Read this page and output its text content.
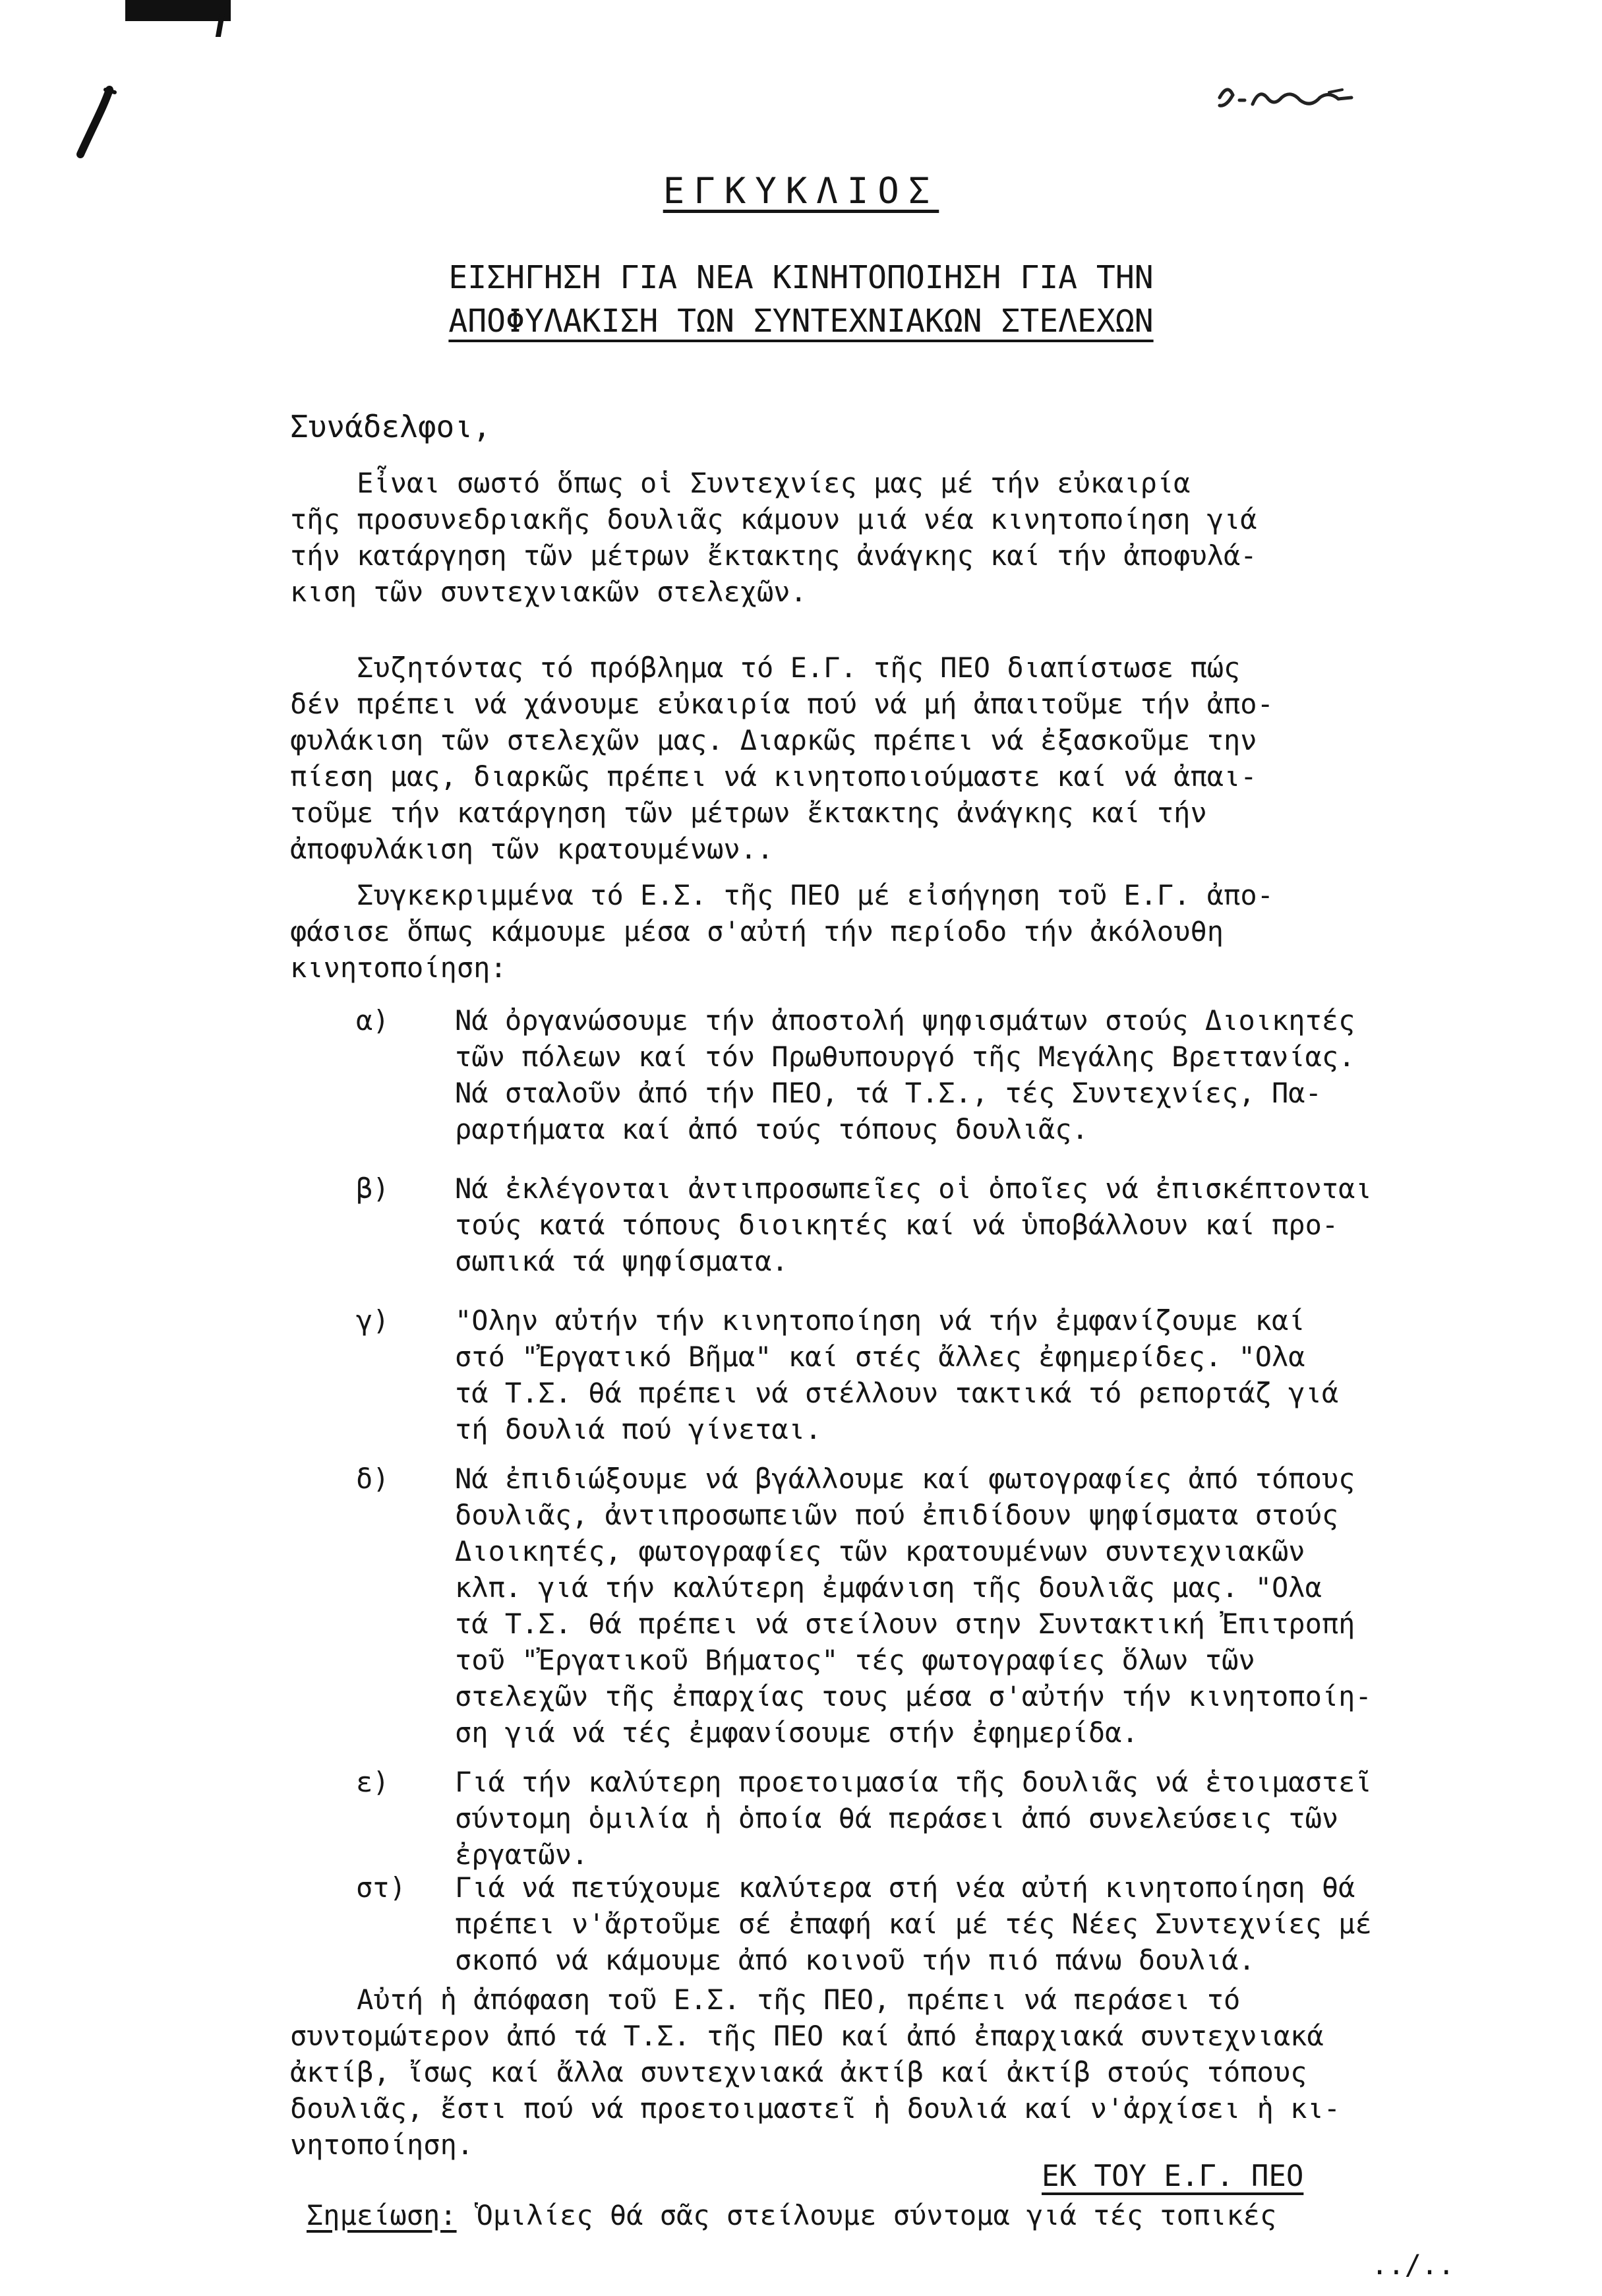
ΕΓΚΥΚΛΙΟΣ
ΕΙΣΗΓΗΣΗ ΓΙΑ ΝΕΑ ΚΙΝΗΤΟΠΟΙΗΣΗ ΓΙΑ ΤΗΝ
ΑΠΟΦΥΛΑΚΙΣΗ ΤΩΝ ΣΥΝΤΕΧΝΙΑΚΩΝ ΣΤΕΛΕΧΩΝ
Συνάδελφοι,

Εἶναι σωστό ὅπως οἱ Συντεχνίες μας μέ τήν εὐκαιρία
τῆς προσυνεδριακῆς δουλιᾶς κάμουν μιά νέα κινητοποίηση γιά
τήν κατάργηση τῶν μέτρων ἔκτακτης ἀνάγκης καί τήν ἀποφυλά-
κιση τῶν συντεχνιακῶν στελεχῶν.

Συζητόντας τό πρόβλημα τό Ε.Γ. τῆς ΠΕΟ διαπίστωσε πώς
δέν πρέπει νά χάνουμε εὐκαιρία πού νά μή ἀπαιτοῦμε τήν ἀπο-
φυλάκιση τῶν στελεχῶν μας. Διαρκῶς πρέπει νά ἐξασκοῦμε την
πίεση μας, διαρκῶς πρέπει νά κινητοποιούμαστε καί νά ἀπαι-
τοῦμε τήν κατάργηση τῶν μέτρων ἔκτακτης ἀνάγκης καί τήν
ἀποφυλάκιση τῶν κρατουμένων..

Συγκεκριμμένα τό Ε.Σ. τῆς ΠΕΟ μέ εἰσήγηση τοῦ Ε.Γ. ἀπο-
φάσισε ὅπως κάμουμε μέσα σ'αὐτή τήν περίοδο τήν ἀκόλουθη
κινητοποίηση:

α)	Νά ὀργανώσουμε τήν ἀποστολή ψηφισμάτων στούς Διοικητές
τῶν πόλεων καί τόν Πρωθυπουργό τῆς Μεγάλης Βρεττανίας.
Νά σταλοῦν ἀπό τήν ΠΕΟ, τά Τ.Σ., τές Συντεχνίες, Πα-
ραρτήματα καί ἀπό τούς τόπους δουλιᾶς.

β)	Νά ἐκλέγονται ἀντιπροσωπεῖες οἱ ὁποῖες νά ἐπισκέπτονται
τούς κατά τόπους διοικητές καί νά ὑποβάλλουν καί προ-
σωπικά τά ψηφίσματα.

γ)	"Ολην αὐτήν τήν κινητοποίηση νά τήν ἐμφανίζουμε καί
στό "Ἐργατικό Βῆμα" καί στές ἄλλες ἐφημερίδες. "Ολα
τά Τ.Σ. θά πρέπει νά στέλλουν τακτικά τό ρεπορτάζ γιά
τή δουλιά πού γίνεται.

δ)	Νά ἐπιδιώξουμε νά βγάλλουμε καί φωτογραφίες ἀπό τόπους
δουλιᾶς, ἀντιπροσωπειῶν πού ἐπιδίδουν ψηφίσματα στούς
Διοικητές, φωτογραφίες τῶν κρατουμένων συντεχνιακῶν
κλπ. γιά τήν καλύτερη ἐμφάνιση τῆς δουλιᾶς μας. "Ολα
τά Τ.Σ. θά πρέπει νά στείλουν στην Συντακτική Ἐπιτροπή
τοῦ "Ἐργατικοῦ Βήματος" τές φωτογραφίες ὅλων τῶν
στελεχῶν τῆς ἐπαρχίας τους μέσα σ'αὐτήν τήν κινητοποίη-
ση γιά νά τές ἐμφανίσουμε στήν ἐφημερίδα.

ε)	Γιά τήν καλύτερη προετοιμασία τῆς δουλιᾶς νά ἑτοιμαστεῖ
σύντομη ὁμιλία ἡ ὁποία θά περάσει ἀπό συνελεύσεις τῶν
ἐργατῶν.

στ)	Γιά νά πετύχουμε καλύτερα στή νέα αὐτή κινητοποίηση θά
πρέπει ν'ἄρτοῦμε σέ ἐπαφή καί μέ τές Νέες Συντεχνίες μέ
σκοπό νά κάμουμε ἀπό κοινοῦ τήν πιό πάνω δουλιά.

Αὐτή ἡ ἀπόφαση τοῦ Ε.Σ. τῆς ΠΕΟ, πρέπει νά περάσει τό
συντομώτερον ἀπό τά Τ.Σ. τῆς ΠΕΟ καί ἀπό ἐπαρχιακά συντεχνιακά
ἀκτίβ, ἴσως καί ἄλλα συντεχνιακά ἀκτίβ καί ἀκτίβ στούς τόπους
δουλιᾶς, ἔστι πού νά προετοιμαστεῖ ἡ δουλιά καί ν'ἀρχίσει ἡ κι-
νητοποίηση.

ΕΚ ΤΟΥ Ε.Γ. ΠΕΟ
Σημείωση: Ὁμιλίες θά σᾶς στείλουμε σύντομα γιά τές τοπικές
../..
